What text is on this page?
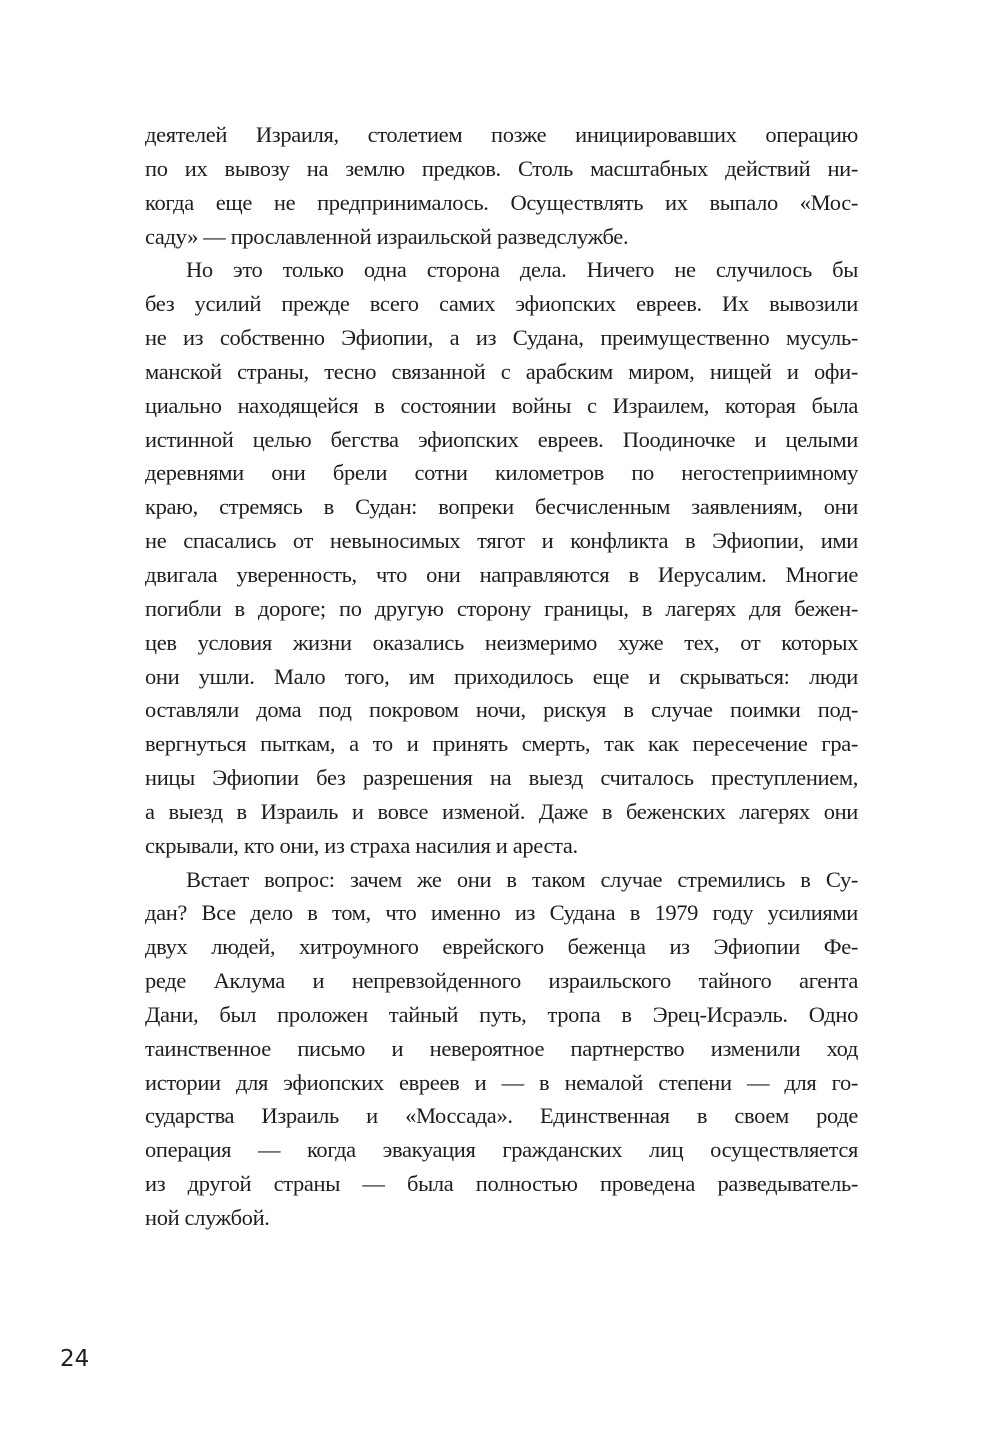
деятелей Израиля, столетием позже инициировавших операцию
по их вывозу на землю предков. Столь масштабных действий ни-
когда еще не предпринималось. Осуществлять их выпало «Мос-
саду» — прославленной израильской разведслужбе.
Но это только одна сторона дела. Ничего не случилось бы
без усилий прежде всего самих эфиопских евреев. Их вывозили
не из собственно Эфиопии, а из Судана, преимущественно мусуль-
манской страны, тесно связанной с арабским миром, нищей и офи-
циально находящейся в состоянии войны с Израилем, которая была
истинной целью бегства эфиопских евреев. Поодиночке и целыми
деревнями они брели сотни километров по негостеприимному
краю, стремясь в Судан: вопреки бесчисленным заявлениям, они
не спасались от невыносимых тягот и конфликта в Эфиопии, ими
двигала уверенность, что они направляются в Иерусалим. Многие
погибли в дороге; по другую сторону границы, в лагерях для бежен-
цев условия жизни оказались неизмеримо хуже тех, от которых
они ушли. Мало того, им приходилось еще и скрываться: люди
оставляли дома под покровом ночи, рискуя в случае поимки под-
вергнуться пыткам, а то и принять смерть, так как пересечение гра-
ницы Эфиопии без разрешения на выезд считалось преступлением,
а выезд в Израиль и вовсе изменой. Даже в беженских лагерях они
скрывали, кто они, из страха насилия и ареста.
Встает вопрос: зачем же они в таком случае стремились в Су-
дан? Все дело в том, что именно из Судана в 1979 году усилиями
двух людей, хитроумного еврейского беженца из Эфиопии Фе-
реде Аклума и непревзойденного израильского тайного агента
Дани, был проложен тайный путь, тропа в Эрец-Исраэль. Одно
таинственное письмо и невероятное партнерство изменили ход
истории для эфиопских евреев и — в немалой степени — для го-
сударства Израиль и «Моссада». Единственная в своем роде
операция — когда эвакуация гражданских лиц осуществляется
из другой страны — была полностью проведена разведыватель-
ной службой.
24
